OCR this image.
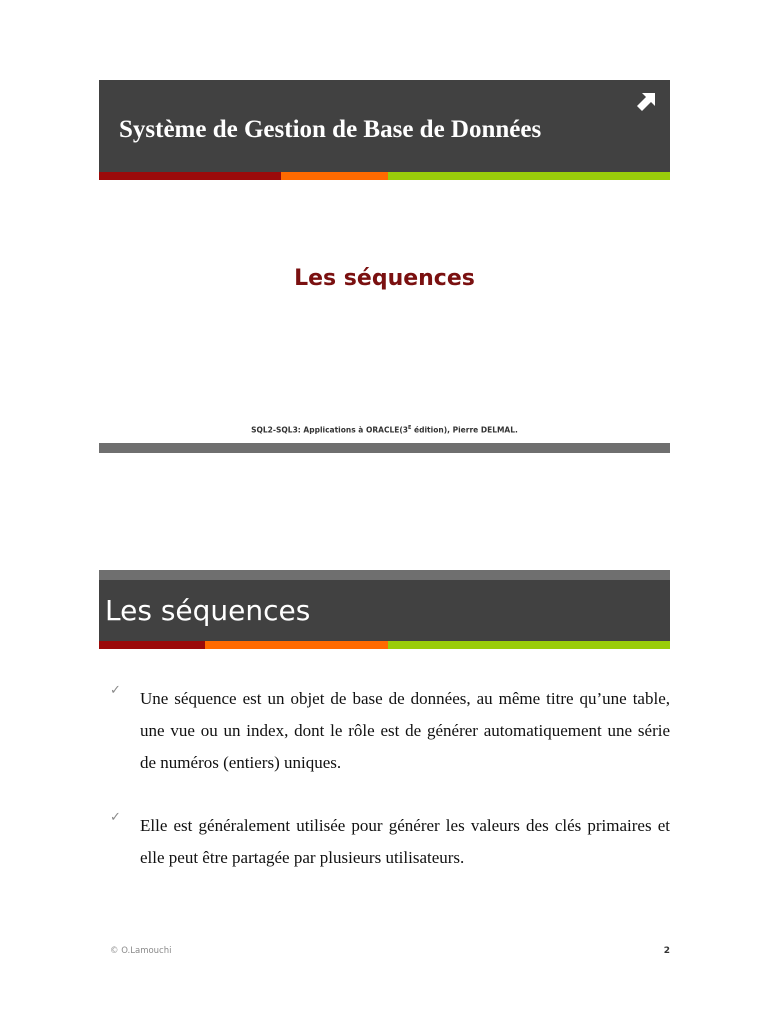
Système de Gestion de Base de Données
Les séquences
SQL2-SQL3: Applications à $ORACLE(3^E$ édition), Pierre DELMAL.
Les séquences
✓ Une séquence est un objet de base de données, au même titre qu’une table, une vue ou un index, dont le rôle est de générer automatiquement une série de numéros (entiers) uniques.

✓ Elle est généralement utilisée pour générer les valeurs des clés primaires et elle peut être partagée par plusieurs utilisateurs.

© O.Lamouchi	2
